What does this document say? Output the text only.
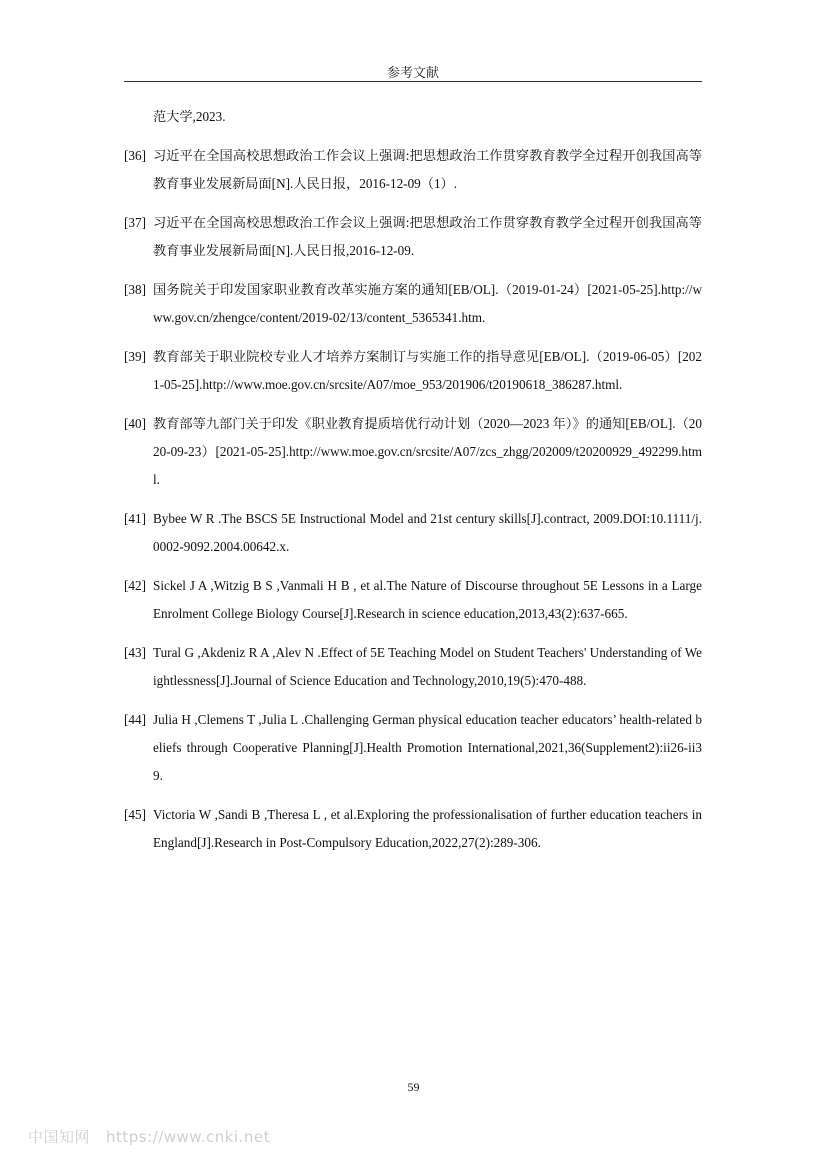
参考文献
范大学,2023.
[36] 习近平在全国高校思想政治工作会议上强调:把思想政治工作贯穿教育教学全过程开创我国高等教育事业发展新局面[N].人民日报，2016-12-09（1）.
[37] 习近平在全国高校思想政治工作会议上强调:把思想政治工作贯穿教育教学全过程开创我国高等教育事业发展新局面[N].人民日报,2016-12-09.
[38] 国务院关于印发国家职业教育改革实施方案的通知[EB/OL].（2019-01-24）[2021-05-25].http://www.gov.cn/zhengce/content/2019-02/13/content_5365341.htm.
[39] 教育部关于职业院校专业人才培养方案制订与实施工作的指导意见[EB/OL].（2019-06-05）[2021-05-25].http://www.moe.gov.cn/srcsite/A07/moe_953/201906/t20190618_386287.html.
[40] 教育部等九部门关于印发《职业教育提质培优行动计划（2020—2023 年）》的通知[EB/OL].（2020-09-23）[2021-05-25].http://www.moe.gov.cn/srcsite/A07/zcs_zhgg/202009/t20200929_492299.html.
[41] Bybee W R .The BSCS 5E Instructional Model and 21st century skills[J].contract, 2009.DOI:10.1111/j.0002-9092.2004.00642.x.
[42] Sickel J A ,Witzig B S ,Vanmali H B , et al.The Nature of Discourse throughout 5E Lessons in a Large Enrolment College Biology Course[J].Research in science education,2013,43(2):637-665.
[43] Tural G ,Akdeniz R A ,Alev N .Effect of 5E Teaching Model on Student Teachers' Understanding of Weightlessness[J].Journal of Science Education and Technology,2010,19(5):470-488.
[44] Julia H ,Clemens T ,Julia L .Challenging German physical education teacher educators’ health-related beliefs through Cooperative Planning[J].Health Promotion International,2021,36(Supplement2):ii26-ii39.
[45] Victoria W ,Sandi B ,Theresa L , et al.Exploring the professionalisation of further education teachers in England[J].Research in Post-Compulsory Education,2022,27(2):289-306.
59
中国知网 https://www.cnki.net
